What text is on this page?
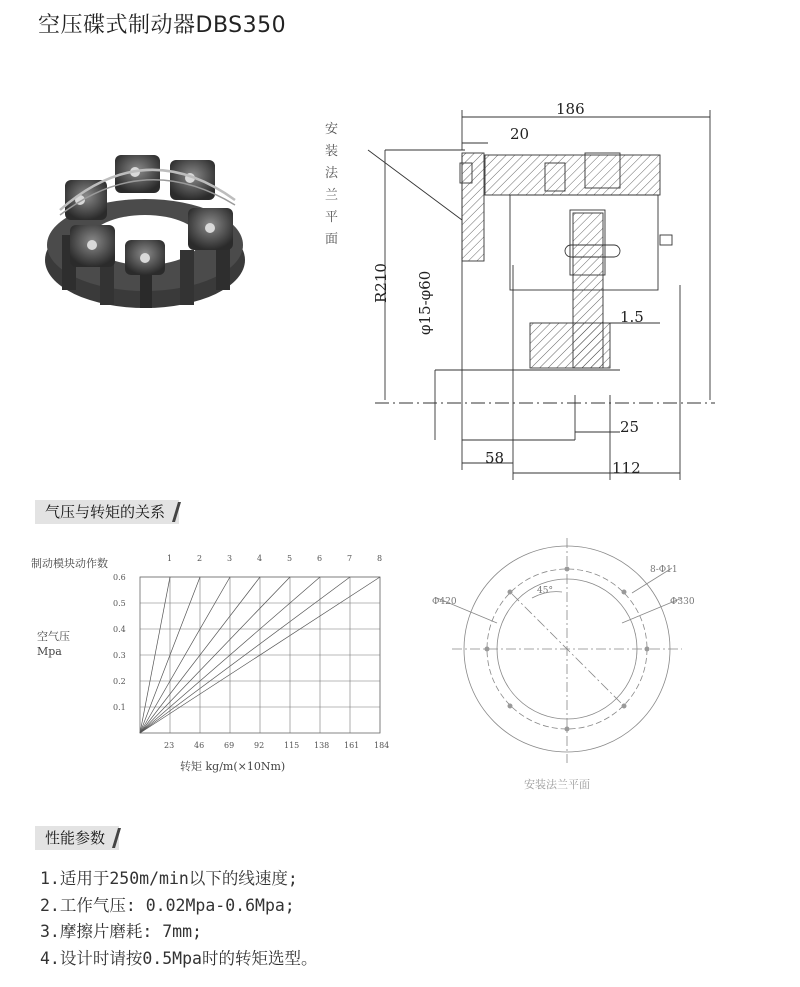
空压碟式制动器DBS350
186
20
1.5
25
58
112
R210 φ15-φ60
安
装
法
兰
平
面
气压与转矩的关系
制动模块动作数
空气压
Mpa
转矩 kg/m(×10Nm)
23
1
46
2
69
3
92
4
115
5
138
6
161
7
184
8
0.1
0.2
0.3
0.4
0.5
0.6
Φ420
8-Φ11
Φ330
45°
安装法兰平面
性能参数
1.适用于250m/min以下的线速度;
2.工作气压: 0.02Mpa-0.6Mpa;
3.摩擦片磨耗: 7mm;
4.设计时请按0.5Mpa时的转矩选型。
